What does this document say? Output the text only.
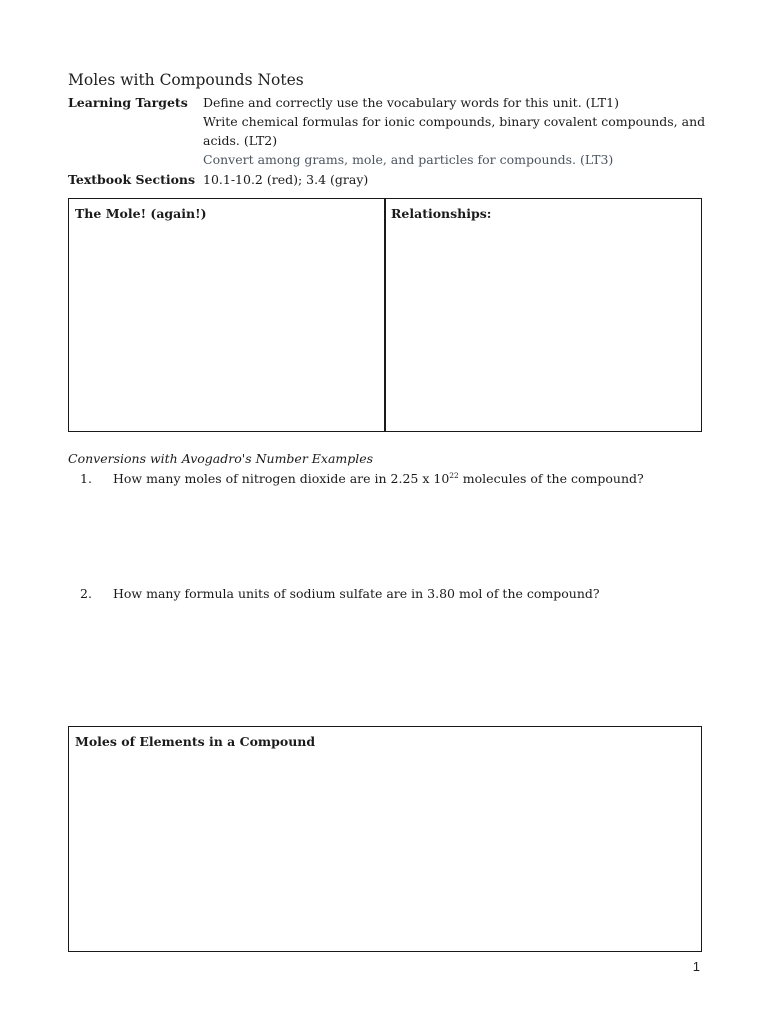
Moles with Compounds Notes
Learning Targets	Define and correctly use the vocabulary words for this unit. (LT1)
Write chemical formulas for ionic compounds, binary covalent compounds, and
acids. (LT2)
Convert among grams, mole, and particles for compounds. (LT3)
Textbook Sections 10.1-10.2 (red); 3.4 (gray)
The Mole! (again!)	Relationships:
Conversions with Avogadro's Number Examples
1. How many moles of nitrogen dioxide are in 2.25 x $10^{22}$ molecules of the compound?
2. How many formula units of sodium sulfate are in 3.80 mol of the compound?
Moles of Elements in a Compound
1
